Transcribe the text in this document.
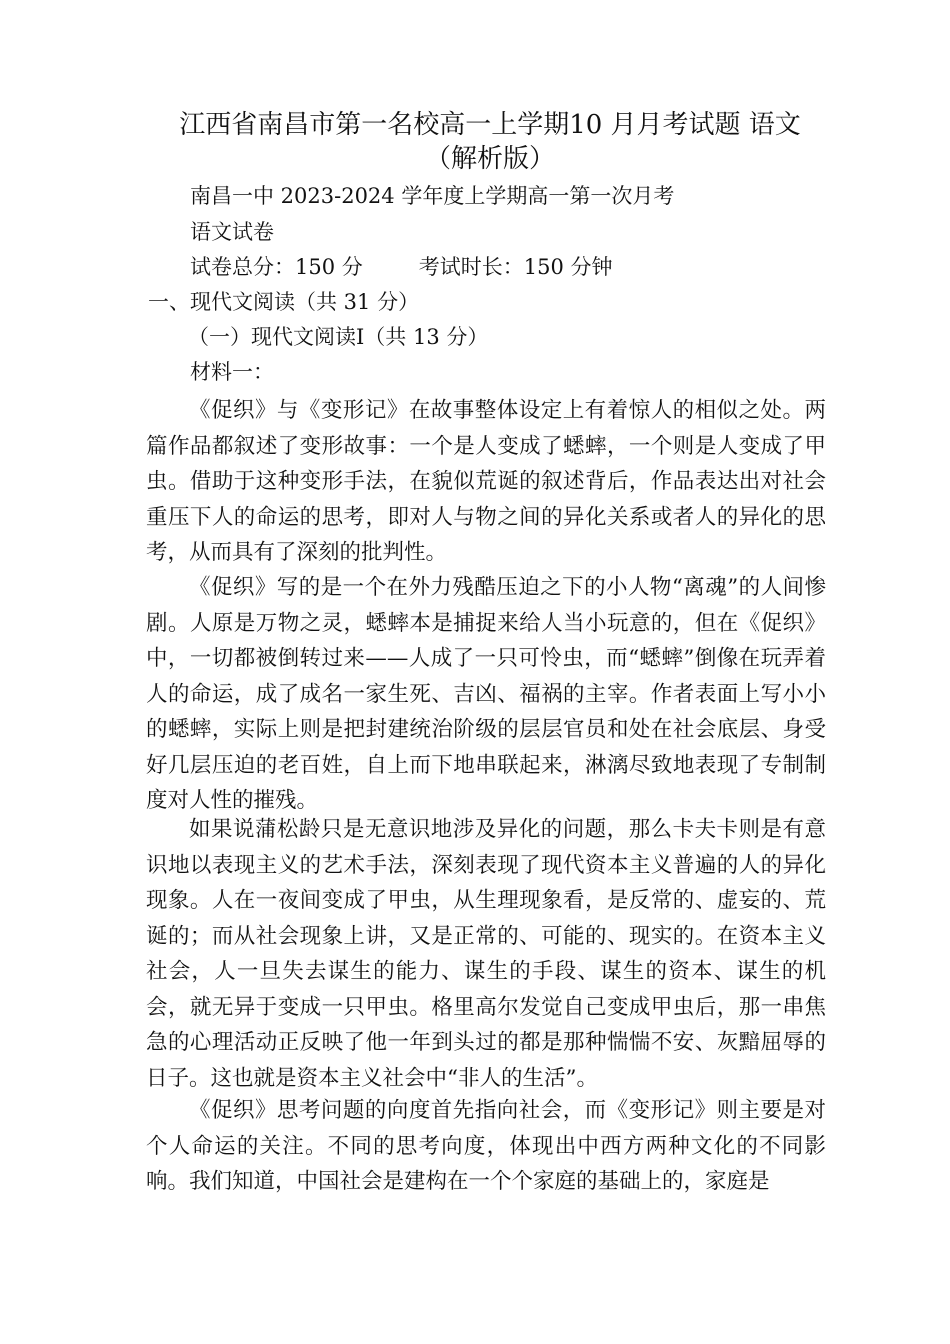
江西省南昌市第一名校高一上学期10 月月考试题 语文
（解析版）
南昌一中 2023-2024 学年度上学期高一第一次月考
语文试卷
试卷总分：150 分	考试时长：150 分钟
一、现代文阅读（共 31 分）
（一）现代文阅读Ⅰ（共 13 分）
材料一：

《促织》与《变形记》在故事整体设定上有着惊人的相似之处。两篇作品都叙述了变形故事：一个是人变成了蟋蟀，一个则是人变成了甲虫。借助于这种变形手法，在貌似荒诞的叙述背后，作品表达出对社会重压下人的命运的思考，即对人与物之间的异化关系或者人的异化的思考，从而具有了深刻的批判性。

《促织》写的是一个在外力残酷压迫之下的小人物“离魂”的人间惨剧。人原是万物之灵，蟋蟀本是捕捉来给人当小玩意的，但在《促织》中，一切都被倒转过来——人成了一只可怜虫，而“蟋蟀”倒像在玩弄着人的命运，成了成名一家生死、吉凶、福祸的主宰。作者表面上写小小的蟋蟀，实际上则是把封建统治阶级的层层官员和处在社会底层、身受好几层压迫的老百姓，自上而下地串联起来，淋漓尽致地表现了专制制度对人性的摧残。

如果说蒲松龄只是无意识地涉及异化的问题，那么卡夫卡则是有意识地以表现主义的艺术手法，深刻表现了现代资本主义普遍的人的异化现象。人在一夜间变成了甲虫，从生理现象看，是反常的、虚妄的、荒诞的；而从社会现象上讲，又是正常的、可能的、现实的。在资本主义社会，人一旦失去谋生的能力、谋生的手段、谋生的资本、谋生的机会，就无异于变成一只甲虫。格里高尔发觉自己变成甲虫后，那一串焦急的心理活动正反映了他一年到头过的都是那种惴惴不安、灰黯屈辱的日子。这也就是资本主义社会中“非人的生活”。

《促织》思考问题的向度首先指向社会，而《变形记》则主要是对个人命运的关注。不同的思考向度，体现出中西方两种文化的不同影响。我们知道，中国社会是建构在一个个家庭的基础上的，家庭是
